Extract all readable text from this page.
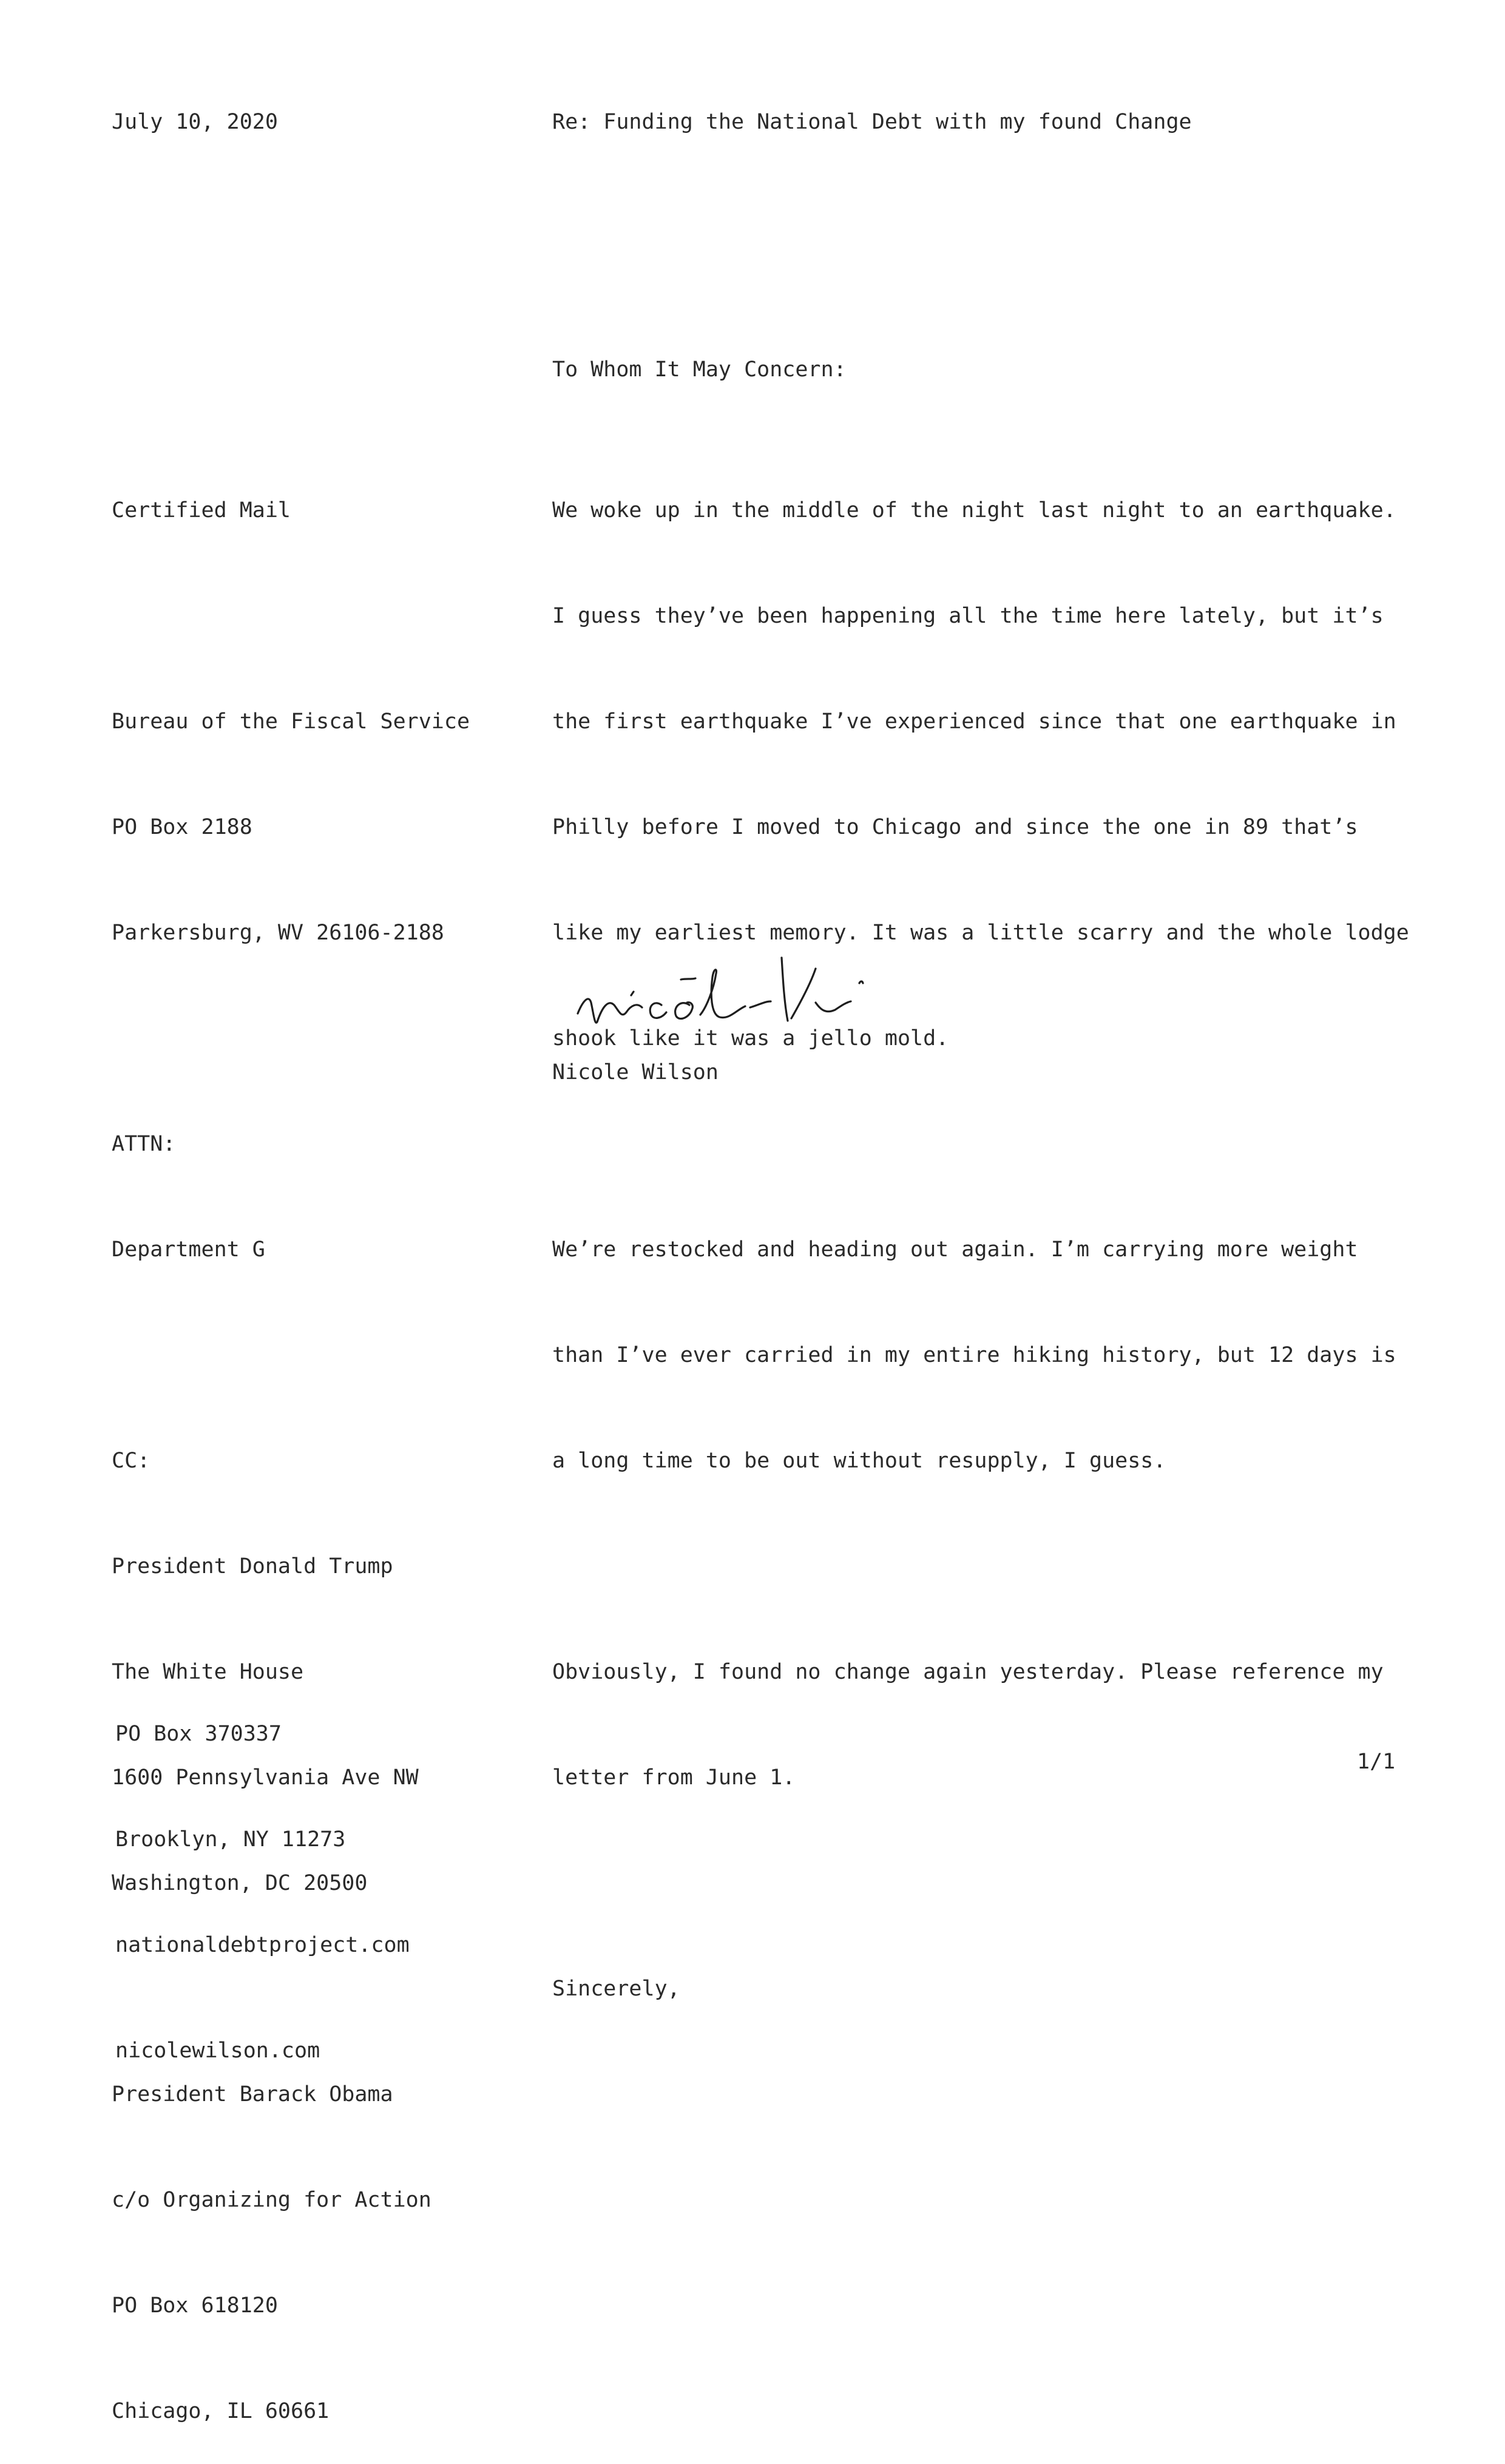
July 10, 2020	Re: Funding the National Debt with my found Change
To Whom It May Concern:

Certified Mail

Bureau of the Fiscal Service

PO Box 2188

Parkersburg, WV 26106-2188

ATTN:

Department G

CC:

President Donald Trump

The White House

1600 Pennsylvania Ave NW

Washington, DC 20500

President Barack Obama

c/o Organizing for Action

PO Box 618120

Chicago, IL 60661

We woke up in the middle of the night last night to an earthquake.

I guess they’ve been happening all the time here lately, but it’s

the first earthquake I’ve experienced since that one earthquake in

Philly before I moved to Chicago and since the one in 89 that’s

like my earliest memory. It was a little scarry and the whole lodge

shook like it was a jello mold.

We’re restocked and heading out again. I’m carrying more weight

than I’ve ever carried in my entire hiking history, but 12 days is

a long time to be out without resupply, I guess.

Obviously, I found no change again yesterday. Please reference my

letter from June 1.

Sincerely,

Nicole Wilson

PO Box 370337

Brooklyn, NY 11273

nationaldebtproject.com

nicolewilson.com

1/1
